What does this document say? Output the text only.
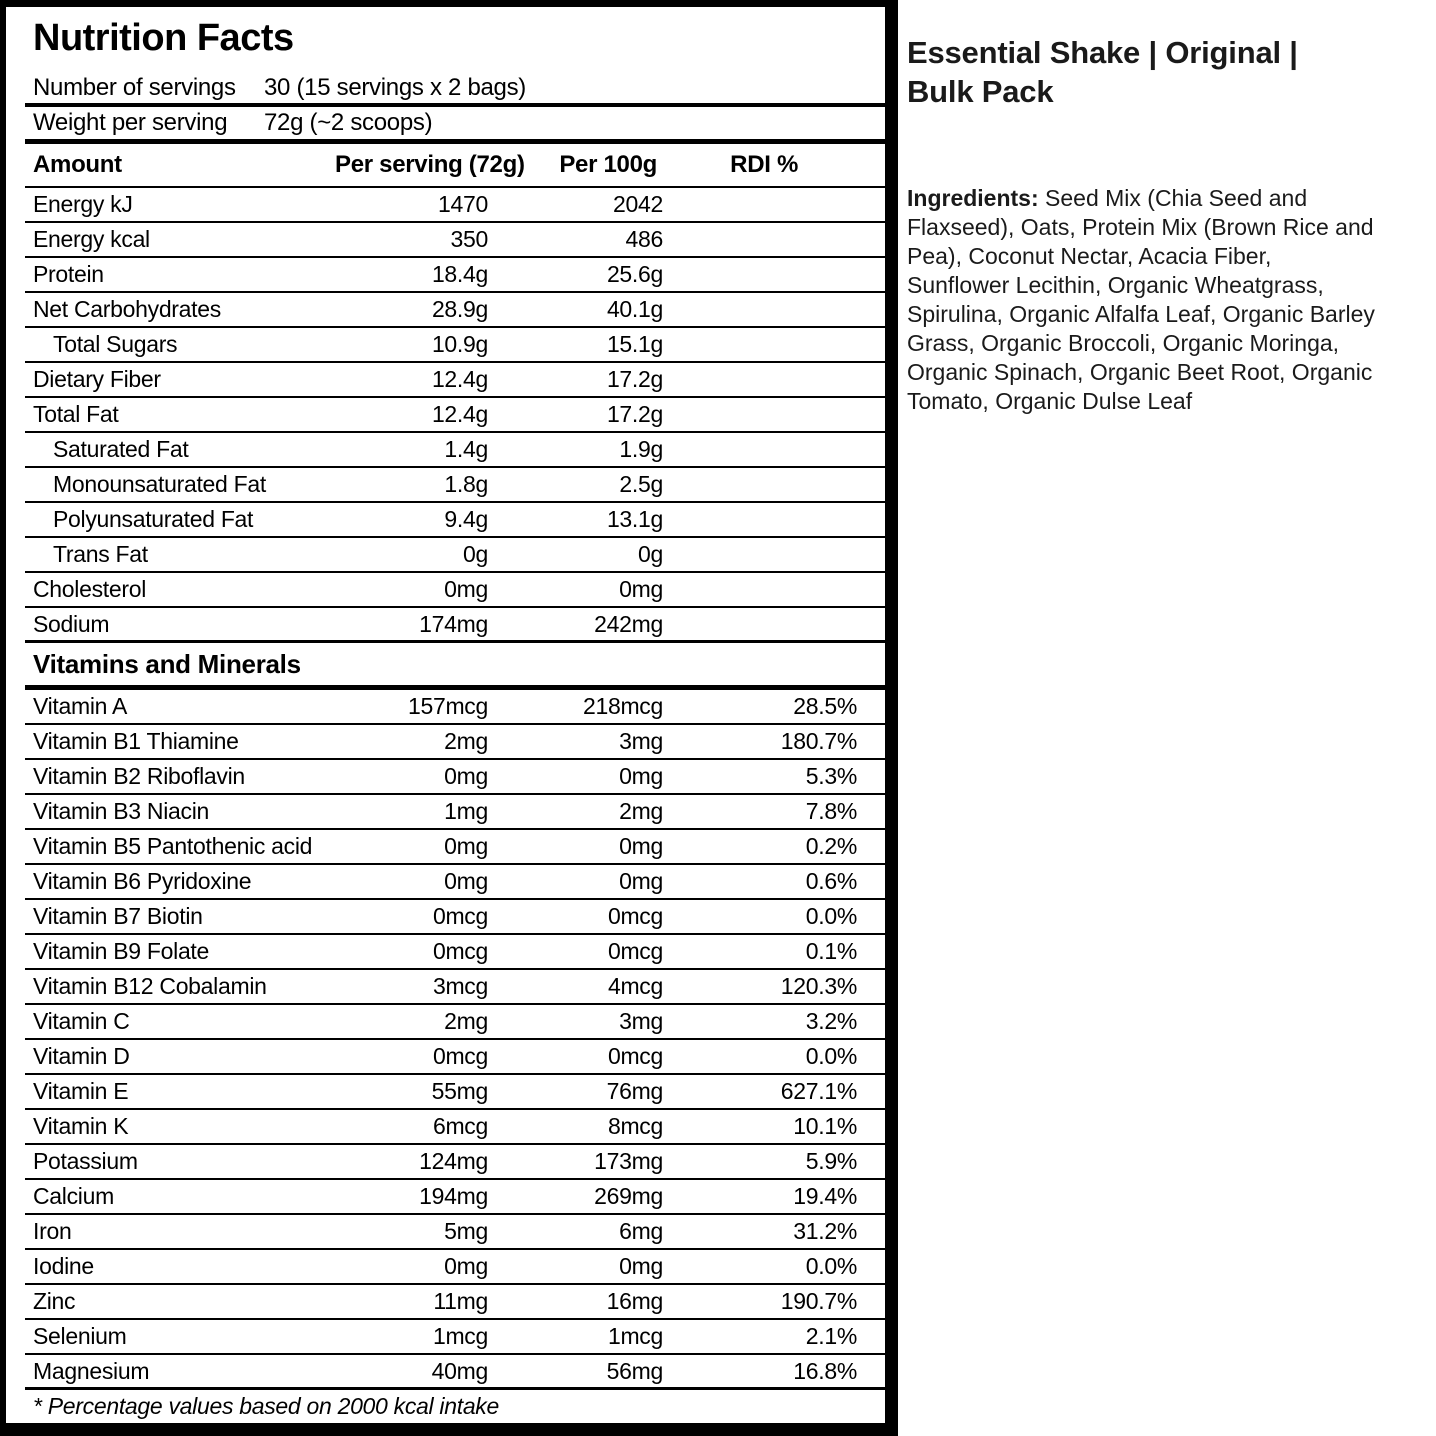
Nutrition Facts
Number of servings	30 (15 servings x 2 bags)
Weight per serving	72g (~2 scoops)
Amount	Per serving (72g)	Per 100g	RDI %
Energy kJ	1470	2042
Energy kcal	350	486
Protein	18.4g	25.6g
Net Carbohydrates	28.9g	40.1g
Total Sugars	10.9g	15.1g
Dietary Fiber	12.4g	17.2g
Total Fat	12.4g	17.2g
Saturated Fat	1.4g	1.9g
Monounsaturated Fat	1.8g	2.5g
Polyunsaturated Fat	9.4g	13.1g
Trans Fat	0g	0g
Cholesterol	0mg	0mg
Sodium	174mg	242mg
Vitamins and Minerals
Vitamin A	157mcg	218mcg	28.5%
Vitamin B1 Thiamine	2mg	3mg	180.7%
Vitamin B2 Riboflavin	0mg	0mg	5.3%
Vitamin B3 Niacin	1mg	2mg	7.8%
Vitamin B5 Pantothenic acid	0mg	0mg	0.2%
Vitamin B6 Pyridoxine	0mg	0mg	0.6%
Vitamin B7 Biotin	0mcg	0mcg	0.0%
Vitamin B9 Folate	0mcg	0mcg	0.1%
Vitamin B12 Cobalamin	3mcg	4mcg	120.3%
Vitamin C	2mg	3mg	3.2%
Vitamin D	0mcg	0mcg	0.0%
Vitamin E	55mg	76mg	627.1%
Vitamin K	6mcg	8mcg	10.1%
Potassium	124mg	173mg	5.9%
Calcium	194mg	269mg	19.4%
Iron	5mg	6mg	31.2%
Iodine	0mg	0mg	0.0%
Zinc	11mg	16mg	190.7%
Selenium	1mcg	1mcg	2.1%
Magnesium	40mg	56mg	16.8%
* Percentage values based on 2000 kcal intake
Essential Shake | Original | Bulk Pack

Ingredients: Seed Mix (Chia Seed and Flaxseed), Oats, Protein Mix (Brown Rice and Pea), Coconut Nectar, Acacia Fiber, Sunflower Lecithin, Organic Wheatgrass, Spirulina, Organic Alfalfa Leaf, Organic Barley Grass, Organic Broccoli, Organic Moringa, Organic Spinach, Organic Beet Root, Organic Tomato, Organic Dulse Leaf
